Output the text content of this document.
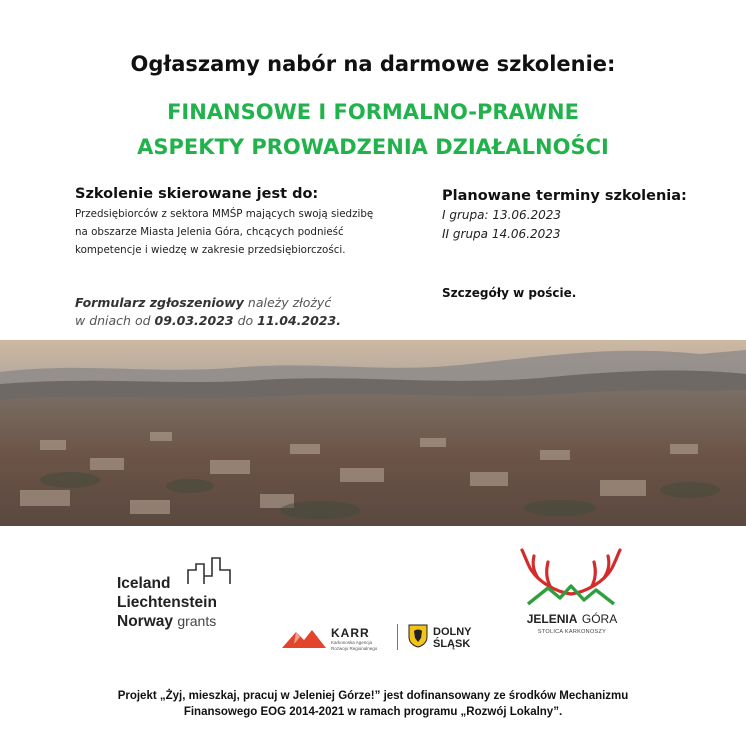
Ogłaszamy nabór na darmowe szkolenie:
FINANSOWE I FORMALNO-PRAWNE
ASPEKTY PROWADZENIA DZIAŁALNOŚCI
Szkolenie skierowane jest do:
Przedsiębiorców z sektora MMŚP mających swoją siedzibę
na obszarze Miasta Jelenia Góra, chcących podnieść
kompetencje i wiedzę w zakresie przedsiębiorczości.
Planowane terminy szkolenia:
I grupa: 13.06.2023
II grupa 14.06.2023
Szczegóły w poście.
Formularz zgłoszeniowy należy złożyć
w dniach od 09.03.2023 do 11.04.2023.
Iceland
Liechtenstein
Norway grants
KARR
Karkonoska Agencja
Rozwoju Regionalnego
DOLNY
ŚLĄSK
JELENIA GÓRA
STOLICA KARKONOSZY
Projekt „Żyj, mieszkaj, pracuj w Jeleniej Górze!” jest dofinansowany ze środków Mechanizmu
Finansowego EOG 2014-2021 w ramach programu „Rozwój Lokalny”.
